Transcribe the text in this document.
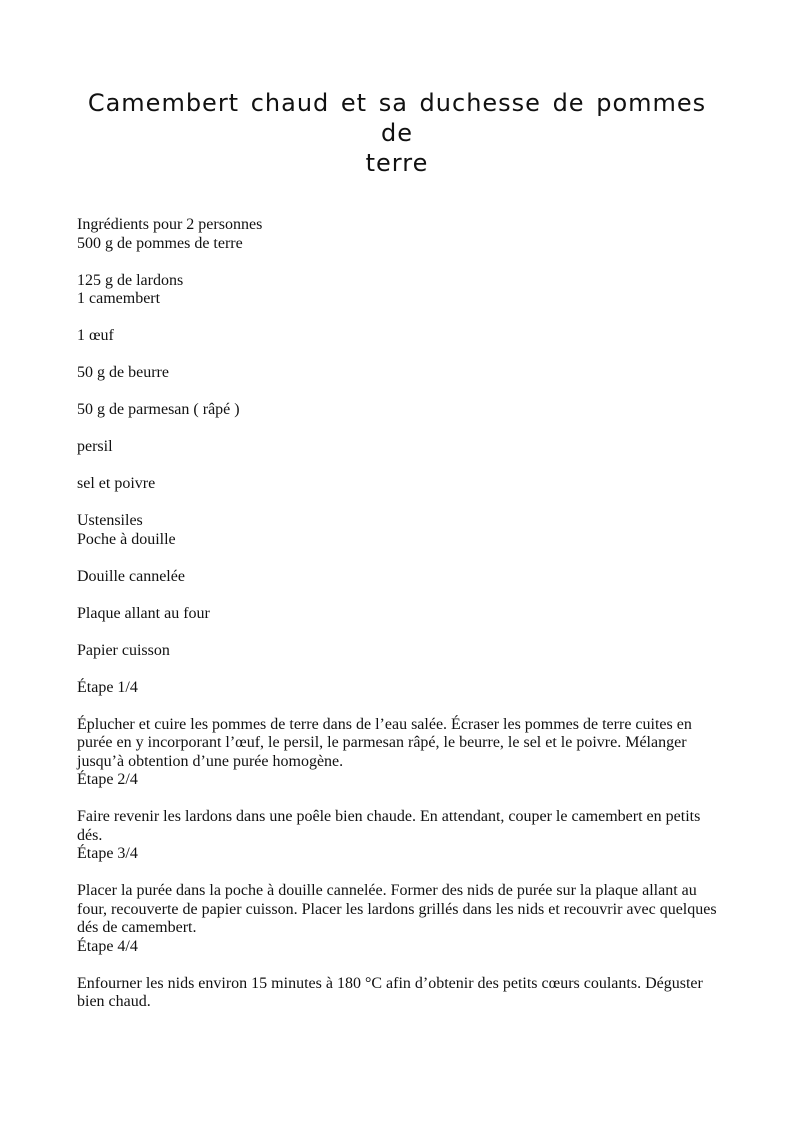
Camembert chaud et sa duchesse de pommes de
terre

Ingrédients pour 2 personnes

500 g de pommes de terre

125 g de lardons

1 camembert

1 œuf

50 g de beurre

50 g de parmesan ( râpé )

persil

sel et poivre

Ustensiles

Poche à douille

Douille cannelée

Plaque allant au four

Papier cuisson

Étape 1/4

Éplucher et cuire les pommes de terre dans de l’eau salée. Écraser les pommes de terre cuites en purée en y incorporant l’œuf, le persil, le parmesan râpé, le beurre, le sel et le poivre. Mélanger jusqu’à obtention d’une purée homogène.

Étape 2/4

Faire revenir les lardons dans une poêle bien chaude. En attendant, couper le camembert en petits dés.

Étape 3/4

Placer la purée dans la poche à douille cannelée. Former des nids de purée sur la plaque allant au four, recouverte de papier cuisson. Placer les lardons grillés dans les nids et recouvrir avec quelques dés de camembert.

Étape 4/4

Enfourner les nids environ 15 minutes à 180 °C afin d’obtenir des petits cœurs coulants. Déguster bien chaud.
